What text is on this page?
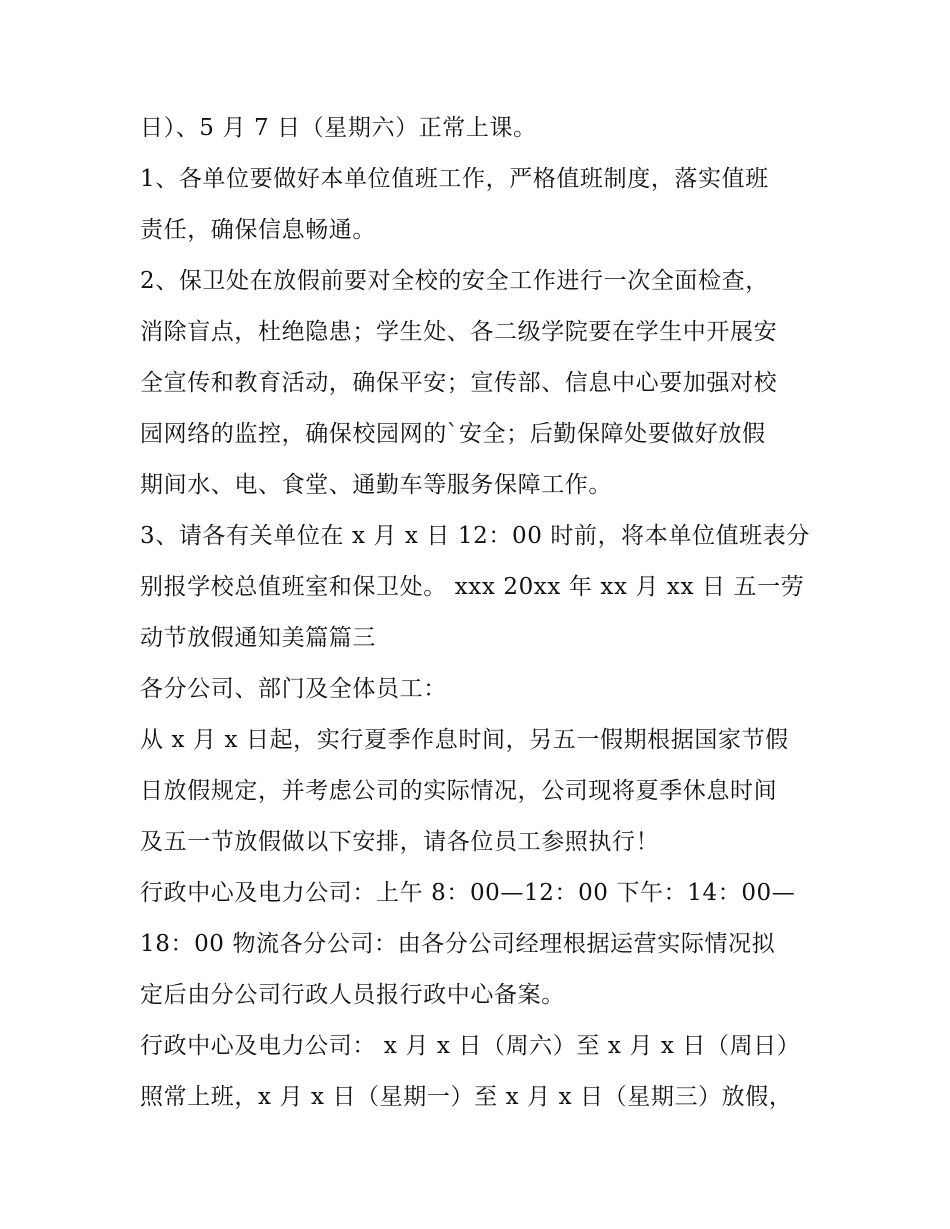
日）、5 月 7 日（星期六）正常上课。
1、各单位要做好本单位值班工作，严格值班制度，落实值班
责任，确保信息畅通。
2、保卫处在放假前要对全校的安全工作进行一次全面检查，
消除盲点，杜绝隐患；学生处、各二级学院要在学生中开展安
全宣传和教育活动，确保平安；宣传部、信息中心要加强对校
园网络的监控，确保校园网的`安全；后勤保障处要做好放假
期间水、电、食堂、通勤车等服务保障工作。
3、请各有关单位在 x 月 x 日 12：00 时前，将本单位值班表分
别报学校总值班室和保卫处。 xxx 20xx 年 xx 月 xx 日 五一劳
动节放假通知美篇篇三
各分公司、部门及全体员工：
从 x 月 x 日起，实行夏季作息时间，另五一假期根据国家节假
日放假规定，并考虑公司的实际情况，公司现将夏季休息时间
及五一节放假做以下安排，请各位员工参照执行！
行政中心及电力公司：上午 8：00—12：00 下午：14：00—
18：00 物流各分公司：由各分公司经理根据运营实际情况拟
定后由分公司行政人员报行政中心备案。
行政中心及电力公司： x 月 x 日（周六）至 x 月 x 日（周日）
照常上班，x 月 x 日（星期一）至 x 月 x 日（星期三）放假，
